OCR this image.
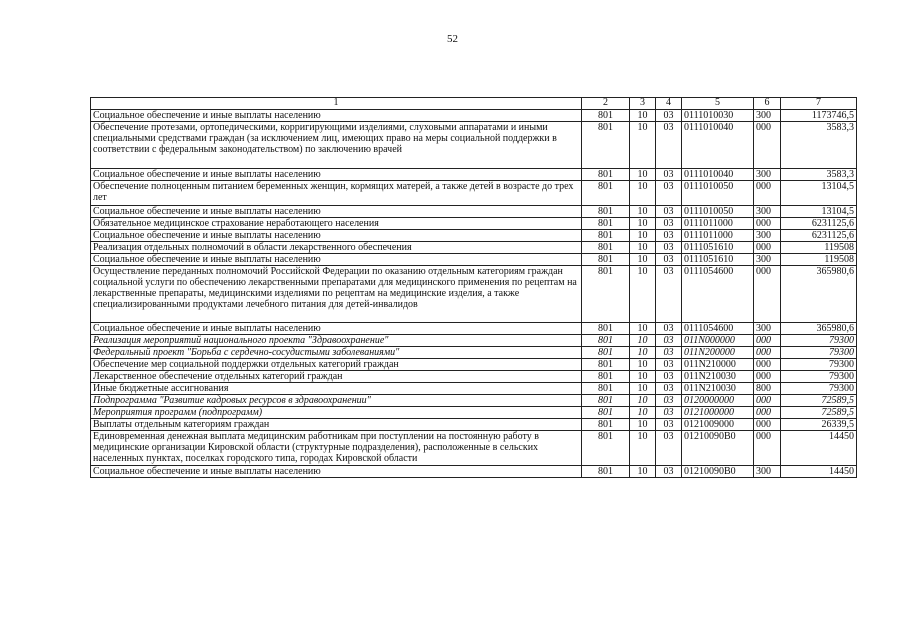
52
1	2	3	4	5	6	7
Социальное обеспечение и иные выплаты населению	801	10	03	0111010030	300	1173746,5
Обеспечение протезами, ортопедическими, корригирующими изделиями, слуховыми аппаратами и иными специальными средствами граждан (за исключением лиц, имеющих право на меры социальной поддержки в соответствии с федеральным законодательством) по заключению врачей	801	10	03	0111010040	000	3583,3
Социальное обеспечение и иные выплаты населению	801	10	03	0111010040	300	3583,3
Обеспечение полноценным питанием беременных женщин, кормящих матерей, а также детей в возрасте до трех лет	801	10	03	0111010050	000	13104,5
Социальное обеспечение и иные выплаты населению	801	10	03	0111010050	300	13104,5
Обязательное медицинское страхование неработающего населения	801	10	03	0111011000	000	6231125,6
Социальное обеспечение и иные выплаты населению	801	10	03	0111011000	300	6231125,6
Реализация отдельных полномочий в области лекарственного обеспечения	801	10	03	0111051610	000	119508
Социальное обеспечение и иные выплаты населению	801	10	03	0111051610	300	119508
Осуществление переданных полномочий Российской Федерации по оказанию отдельным категориям граждан социальной услуги по обеспечению лекарственными препаратами для медицинского применения по рецептам на лекарственные препараты, медицинскими изделиями по рецептам на медицинские изделия, а также специализированными продуктами лечебного питания для детей-инвалидов	801	10	03	0111054600	000	365980,6
Социальное обеспечение и иные выплаты населению	801	10	03	0111054600	300	365980,6
Реализация мероприятий национального проекта "Здравоохранение"	801	10	03	011N000000	000	79300
Федеральный проект "Борьба с сердечно-сосудистыми заболеваниями"	801	10	03	011N200000	000	79300
Обеспечение мер социальной поддержки отдельных категорий граждан	801	10	03	011N210000	000	79300
Лекарственное обеспечение отдельных категорий граждан	801	10	03	011N210030	000	79300
Иные бюджетные ассигнования	801	10	03	011N210030	800	79300
Подпрограмма "Развитие кадровых ресурсов в здравоохранении"	801	10	03	0120000000	000	72589,5
Мероприятия программ (подпрограмм)	801	10	03	0121000000	000	72589,5
Выплаты отдельным категориям граждан	801	10	03	0121009000	000	26339,5
Единовременная денежная выплата медицинским работникам при поступлении на постоянную работу в медицинские организации Кировской области (структурные подразделения), расположенные в сельских населенных пунктах, поселках городского типа, городах Кировской области	801	10	03	01210090B0	000	14450
Социальное обеспечение и иные выплаты населению	801	10	03	01210090B0	300	14450
